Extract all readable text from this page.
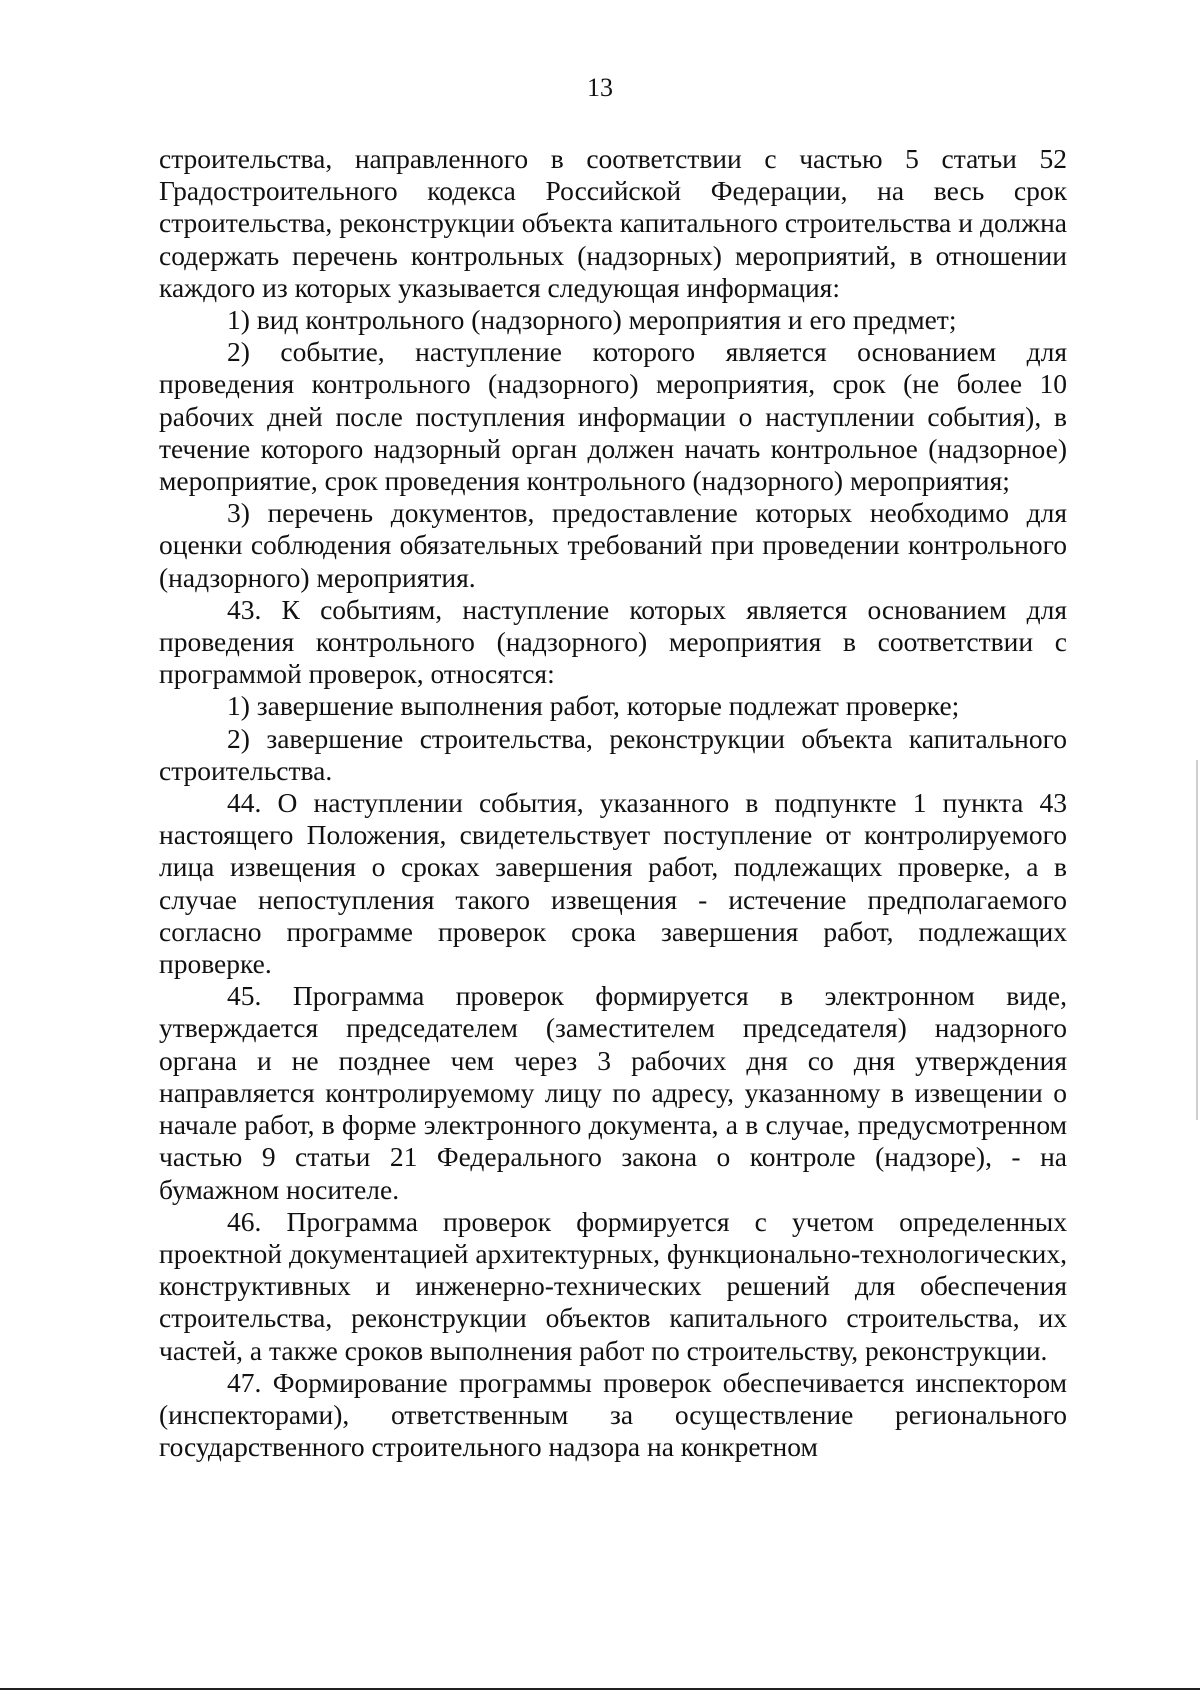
13

строительства, направленного в соответствии с частью 5 статьи 52 Градостроительного кодекса Российской Федерации, на весь срок строительства, реконструкции объекта капитального строительства и должна содержать перечень контрольных (надзорных) мероприятий, в отношении каждого из которых указывается следующая информация:

1) вид контрольного (надзорного) мероприятия и его предмет;

2) событие, наступление которого является основанием для проведения контрольного (надзорного) мероприятия, срок (не более 10 рабочих дней после поступления информации о наступлении события), в течение которого надзорный орган должен начать контрольное (надзорное) мероприятие, срок проведения контрольного (надзорного) мероприятия;

3) перечень документов, предоставление которых необходимо для оценки соблюдения обязательных требований при проведении контрольного (надзорного) мероприятия.

43. К событиям, наступление которых является основанием для проведения контрольного (надзорного) мероприятия в соответствии с программой проверок, относятся:

1) завершение выполнения работ, которые подлежат проверке;

2) завершение строительства, реконструкции объекта капитального строительства.

44. О наступлении события, указанного в подпункте 1 пункта 43 настоящего Положения, свидетельствует поступление от контролируемого лица извещения о сроках завершения работ, подлежащих проверке, а в случае непоступления такого извещения - истечение предполагаемого согласно программе проверок срока завершения работ, подлежащих проверке.

45. Программа проверок формируется в электронном виде, утверждается председателем (заместителем председателя) надзорного органа и не позднее чем через 3 рабочих дня со дня утверждения направляется контролируемому лицу по адресу, указанному в извещении о начале работ, в форме электронного документа, а в случае, предусмотренном частью 9 статьи 21 Федерального закона о контроле (надзоре), - на бумажном носителе.

46. Программа проверок формируется с учетом определенных проектной документацией архитектурных, функционально-технологических, конструктивных и инженерно-технических решений для обеспечения строительства, реконструкции объектов капитального строительства, их частей, а также сроков выполнения работ по строительству, реконструкции.

47. Формирование программы проверок обеспечивается инспектором (инспекторами), ответственным за осуществление регионального государственного строительного надзора на конкретном
